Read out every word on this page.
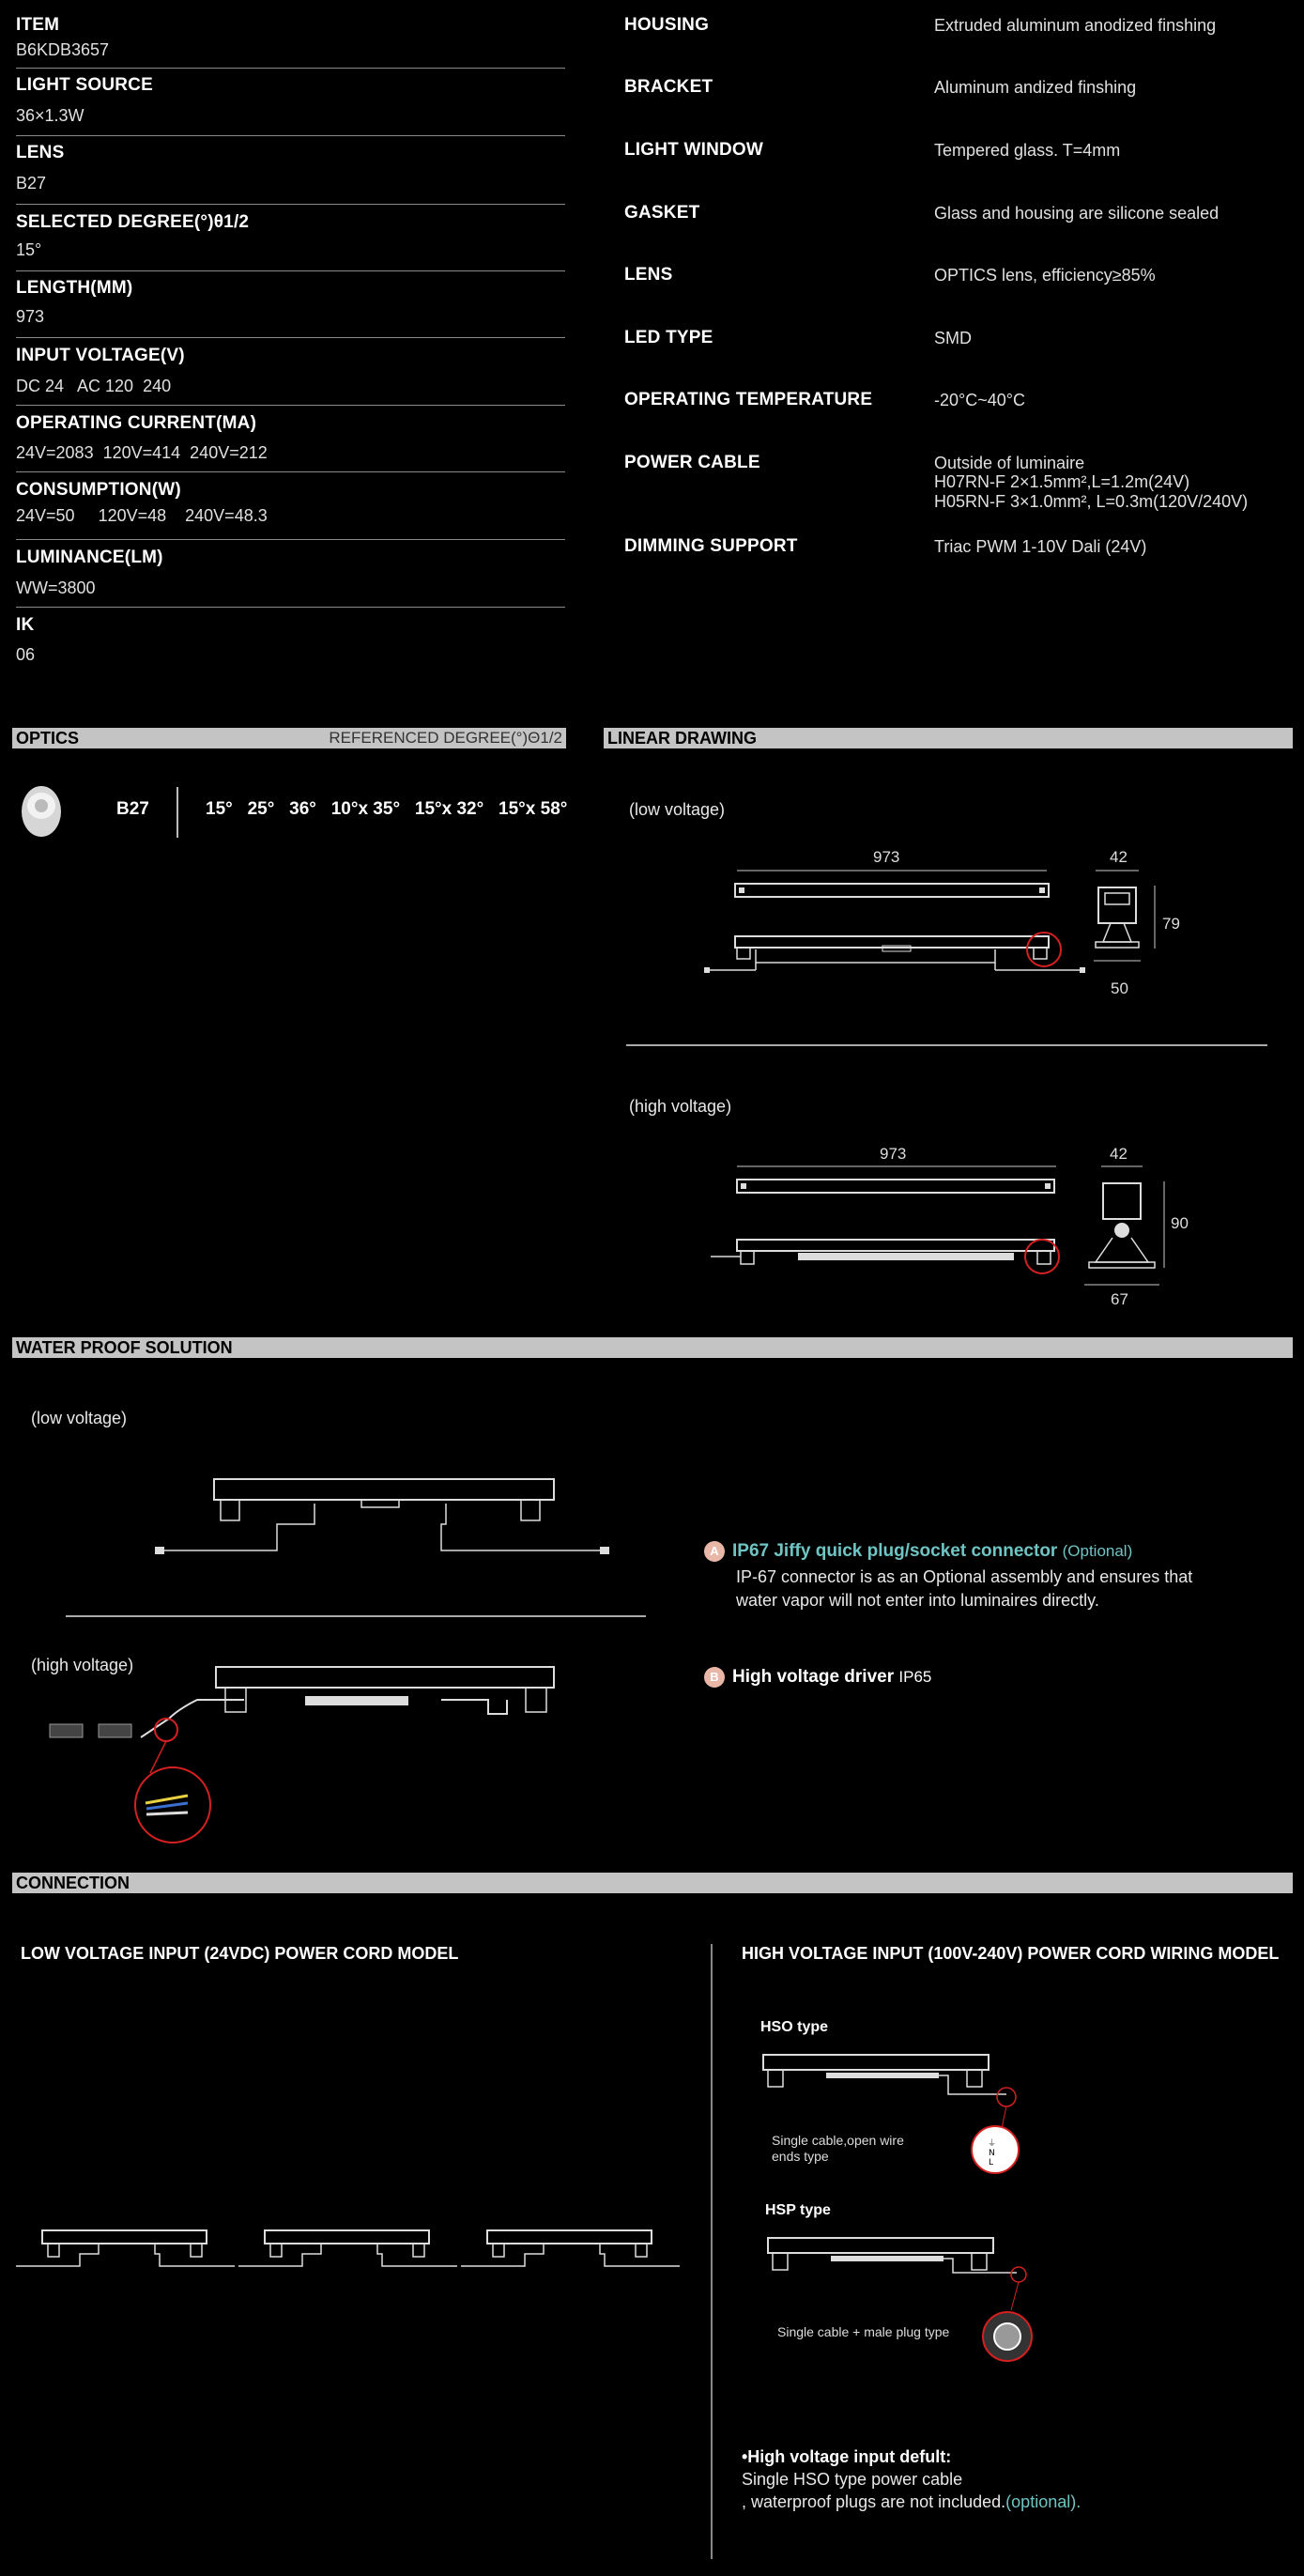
ITEM
B6KDB3657
LIGHT SOURCE
36×1.3W
LENS
B27
SELECTED DEGREE(°)θ1/2
15°
LENGTH(MM)
973
INPUT VOLTAGE(V)
DC 24   AC 120  240
OPERATING CURRENT(MA)
24V=2083  120V=414  240V=212
CONSUMPTION(W)
24V=50     120V=48    240V=48.3
LUMINANCE(LM)
WW=3800
IK
06
HOUSING	Extruded aluminum anodized finshing
BRACKET	Aluminum andized finshing
LIGHT WINDOW	Tempered glass. T=4mm
GASKET	Glass and housing are silicone sealed
LENS	OPTICS lens, efficiency≥85%
LED TYPE	SMD
OPERATING TEMPERATURE	-20°C~40°C
POWER CABLE	Outside of luminaire
H07RN-F 2×1.5mm²,L=1.2m(24V)
H05RN-F 3×1.0mm², L=0.3m(120V/240V)
DIMMING SUPPORT	Triac PWM 1-10V Dali (24V)
OPTICS	REFERENCED DEGREE(°)Θ1/2	LINEAR DRAWING
B27	15° 25° 36° 10°x 35° 15°x 32° 15°x 58°	(low voltage)
973	42
79
50
(high voltage)
973	42
90
67
WATER PROOF SOLUTION
(low voltage)
(high voltage)
A IP67 Jiffy quick plug/socket connector (Optional)
IP-67 connector is as an Optional assembly and ensures that
water vapor will not enter into luminaires directly.
B High voltage driver IP65
CONNECTION
LOW VOLTAGE INPUT (24VDC) POWER CORD MODEL	HIGH VOLTAGE INPUT (100V-240V) POWER CORD WIRING MODEL
HSO type
⏚
N
L
Single cable,open wire
ends type
HSP type
Single cable + male plug type
•High voltage input defult:
Single HSO type power cable
, waterproof plugs are not included.(optional).
